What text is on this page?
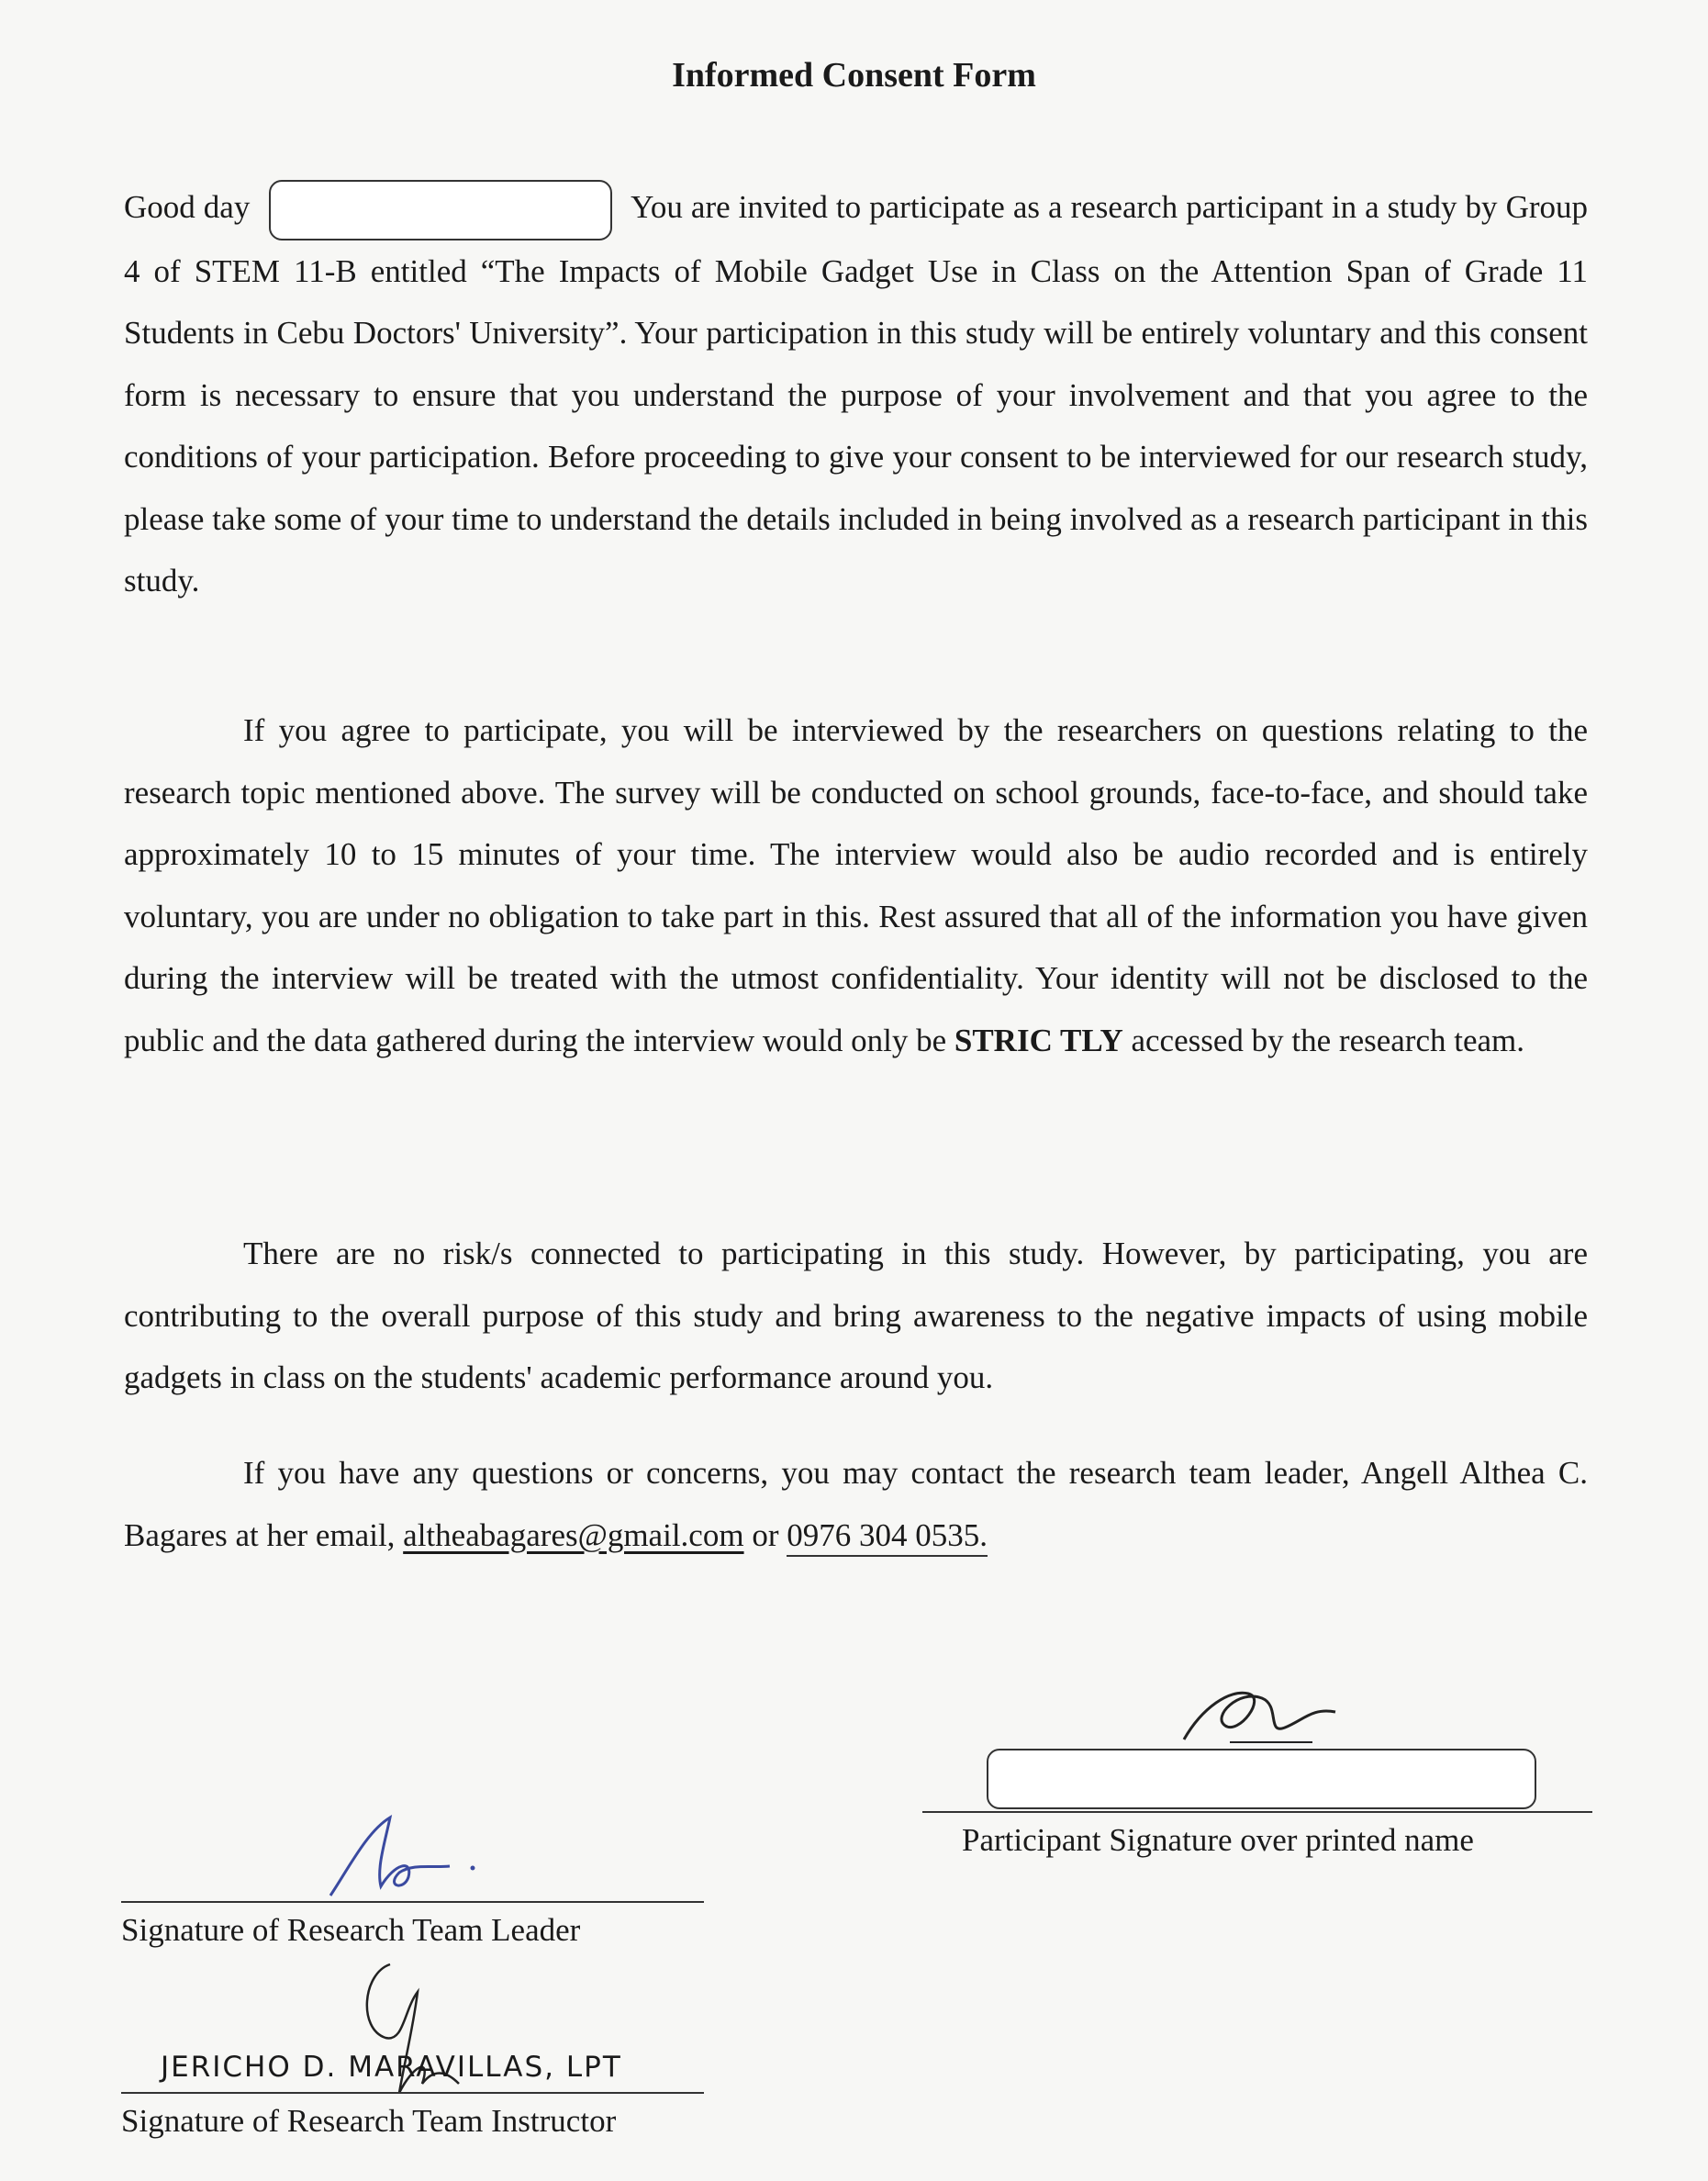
Informed Consent Form

Good day	You are invited to participate as a research participant in a study by Group 4 of STEM 11-B entitled “The Impacts of Mobile Gadget Use in Class on the Attention Span of Grade 11 Students in Cebu Doctors' University”. Your participation in this study will be entirely voluntary and this consent form is necessary to ensure that you understand the purpose of your involvement and that you agree to the conditions of your participation. Before proceeding to give your consent to be interviewed for our research study, please take some of your time to understand the details included in being involved as a research participant in this study.

If you agree to participate, you will be interviewed by the researchers on questions relating to the research topic mentioned above. The survey will be conducted on school grounds, face-to-face, and should take approximately 10 to 15 minutes of your time. The interview would also be audio recorded and is entirely voluntary, you are under no obligation to take part in this. Rest assured that all of the information you have given during the interview will be treated with the utmost confidentiality. Your identity will not be disclosed to the public and the data gathered during the interview would only be STRIC TLY accessed by the research team.

There are no risk/s connected to participating in this study. However, by participating, you are contributing to the overall purpose of this study and bring awareness to the negative impacts of using mobile gadgets in class on the students' academic performance around you.

If you have any questions or concerns, you may contact the research team leader, Angell Althea C. Bagares at her email, altheabagares@gmail.com or 0976 304 0535.

Participant Signature over printed name
Signature of Research Team Leader
JERICHO D. MARAVILLAS, LPT
Signature of Research Team Instructor
